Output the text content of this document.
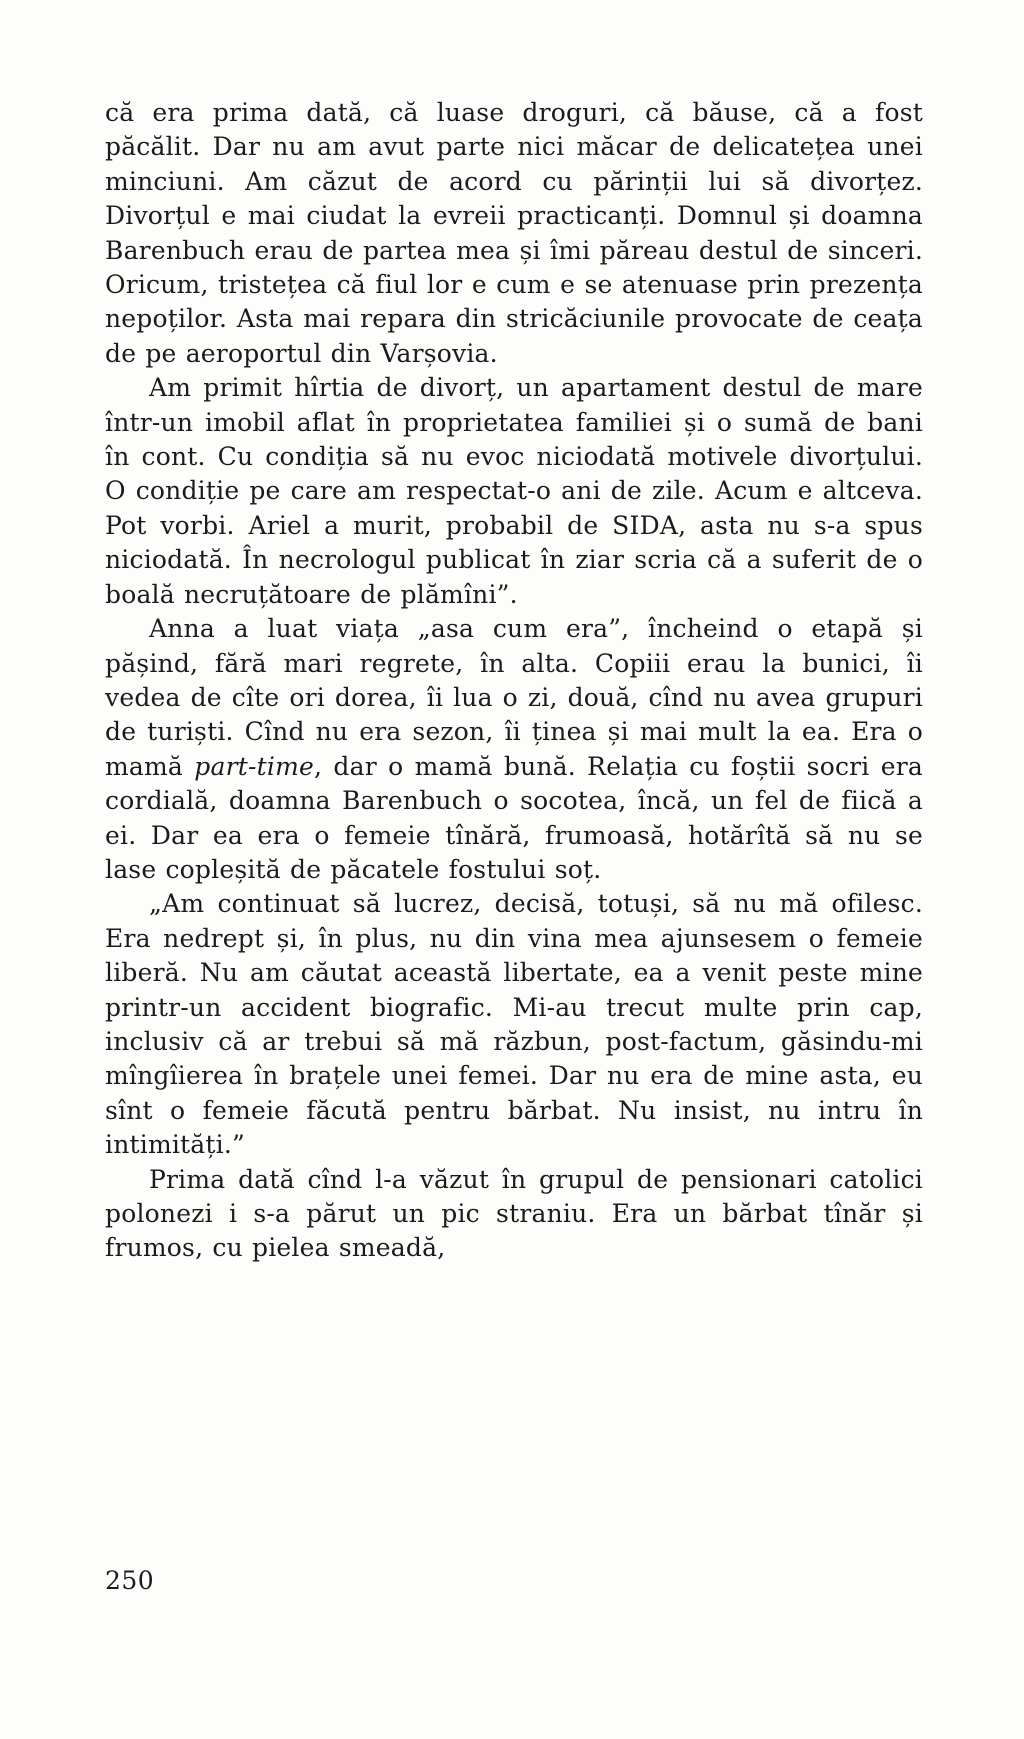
că era prima dată, că luase droguri, că băuse, că a fost păcălit. Dar nu am avut parte nici măcar de delicatețea unei minciuni. Am căzut de acord cu părinții lui să divorțez. Divorțul e mai ciudat la evreii practicanți. Domnul și doamna Barenbuch erau de partea mea și îmi păreau destul de sinceri. Oricum, tristețea că fiul lor e cum e se atenuase prin prezența nepoților. Asta mai repara din stricăciunile provocate de ceața de pe aeroportul din Varșovia.

Am primit hîrtia de divorț, un apartament destul de mare într-un imobil aflat în proprietatea familiei și o sumă de bani în cont. Cu condiția să nu evoc niciodată motivele divorțului. O condiție pe care am respectat-o ani de zile. Acum e altceva. Pot vorbi. Ariel a murit, probabil de SIDA, asta nu s-a spus niciodată. În necrologul publicat în ziar scria că a suferit de o boală necruțătoare de plămîni”.

Anna a luat viața „asa cum era”, încheind o etapă și pășind, fără mari regrete, în alta. Copiii erau la bunici, îi vedea de cîte ori dorea, îi lua o zi, două, cînd nu avea grupuri de turiști. Cînd nu era sezon, îi ținea și mai mult la ea. Era o mamă part-time, dar o mamă bună. Relația cu foștii socri era cordială, doamna Barenbuch o socotea, încă, un fel de fiică a ei. Dar ea era o femeie tînără, frumoasă, hotărîtă să nu se lase copleșită de păcatele fostului soț.

„Am continuat să lucrez, decisă, totuși, să nu mă ofilesc. Era nedrept și, în plus, nu din vina mea ajunsesem o femeie liberă. Nu am căutat această libertate, ea a venit peste mine printr-un accident biografic. Mi-au trecut multe prin cap, inclusiv că ar trebui să mă răzbun, post-factum, găsindu-mi mîngîierea în brațele unei femei. Dar nu era de mine asta, eu sînt o femeie făcută pentru bărbat. Nu insist, nu intru în intimități.”

Prima dată cînd l-a văzut în grupul de pensionari catolici polonezi i s-a părut un pic straniu. Era un bărbat tînăr și frumos, cu pielea smeadă,

250
